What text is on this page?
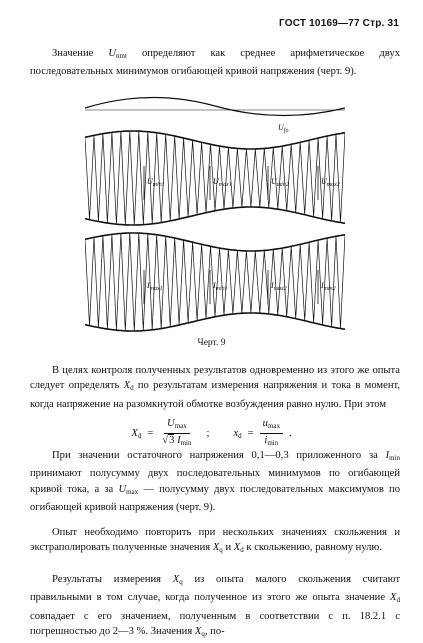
ГОСТ 10169—77 Стр. 31
Значение $U_{nmt}$ определяют как среднее арифметическое двух последовательных минимумов огибающей кривой напряжения (черт. 9).
$U_{fo}$
$U_{min1}$	$U_{max1}$	$U_{min2}$	$U_{max2}$
$I_{max1}$	$I_{min1}$	$I_{max2}$	$I_{min2}$
Черт. 9
В целях контроля полученных результатов одновременно из этого же опыта следует определять $X_d$ по результатам измерения напряжения и тока в момент, когда напряжение на разомкнутой обмотке возбуждения равно нулю. При этом
$X_d = \frac{U_{max}}{√3 I_{min}}$ ; $x_d = \frac{u_{max}}{i_{min}}$ .
При значении остаточного напряжения 0,1—0,3 приложенного за $I_{min}$ принимают полусумму двух последовательных минимумов по огибающей кривой тока, а за $U_{max}$ — полусумму двух последовательных максимумов по огибающей кривой напряжения (черт. 9).
Опыт необходимо повторить при нескольких значениях скольжения и экстраполировать полученные значения $X_q$ и $X_d$ к скольжению, равному нулю.
Результаты измерения $X_q$ из опыта малого скольжения считают правильными в том случае, когда полученное из этого же опыта значение $X_d$ совпадает с его значением, полученным в соответствии с п. 18.2.1 с погрешностью до 2—3 %. Значения $X_q$, по-
